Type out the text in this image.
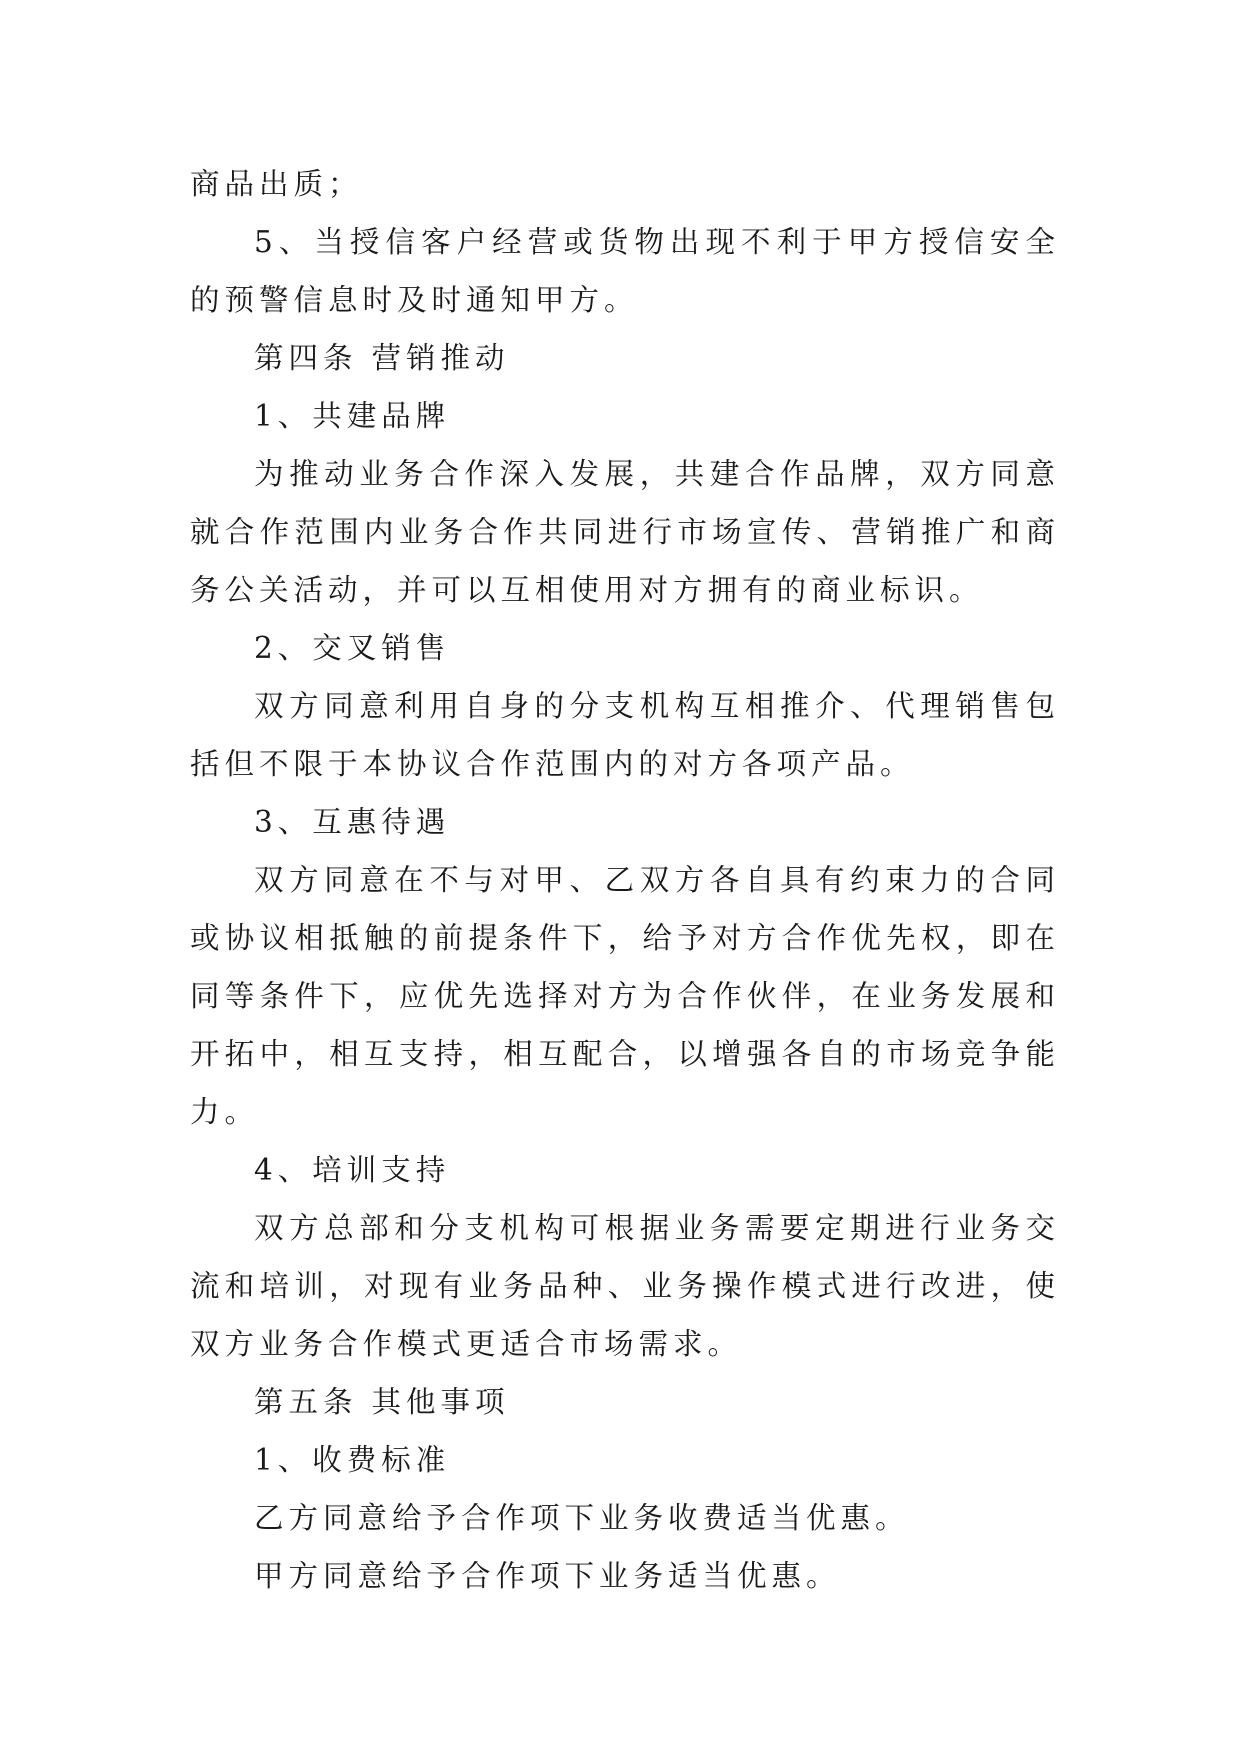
商品出质；

5、当授信客户经营或货物出现不利于甲方授信安全的预警信息时及时通知甲方。

第四条 营销推动

1、共建品牌

为推动业务合作深入发展，共建合作品牌，双方同意就合作范围内业务合作共同进行市场宣传、营销推广和商务公关活动，并可以互相使用对方拥有的商业标识。

2、交叉销售

双方同意利用自身的分支机构互相推介、代理销售包括但不限于本协议合作范围内的对方各项产品。

3、互惠待遇

双方同意在不与对甲、乙双方各自具有约束力的合同或协议相抵触的前提条件下，给予对方合作优先权，即在同等条件下，应优先选择对方为合作伙伴，在业务发展和开拓中，相互支持，相互配合，以增强各自的市场竞争能力。

4、培训支持

双方总部和分支机构可根据业务需要定期进行业务交流和培训，对现有业务品种、业务操作模式进行改进，使双方业务合作模式更适合市场需求。

第五条 其他事项

1、收费标准

乙方同意给予合作项下业务收费适当优惠。

甲方同意给予合作项下业务适当优惠。
